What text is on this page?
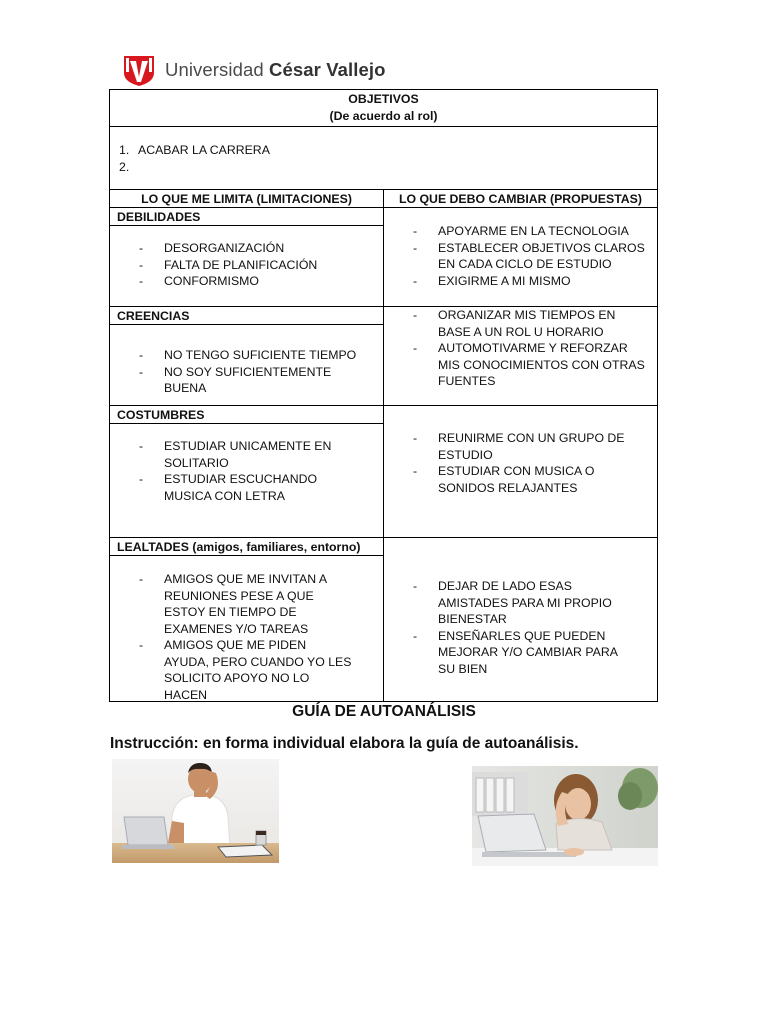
Universidad César Vallejo
OBJETIVOS
(De acuerdo al rol)
1. ACABAR LA CARRERA
2.
LO QUE ME LIMITA (LIMITACIONES)	LO QUE DEBO CAMBIAR (PROPUESTAS)
DEBILIDADES
- DESORGANIZACIÓN
- FALTA DE PLANIFICACIÓN
- CONFORMISMO
- APOYARME EN LA TECNOLOGIA
- ESTABLECER OBJETIVOS CLAROS EN CADA CICLO DE ESTUDIO
- EXIGIRME A MI MISMO
CREENCIAS
- NO TENGO SUFICIENTE TIEMPO
- NO SOY SUFICIENTEMENTE BUENA
- ORGANIZAR MIS TIEMPOS EN BASE A UN ROL U HORARIO
- AUTOMOTIVARME Y REFORZAR MIS CONOCIMIENTOS CON OTRAS FUENTES
COSTUMBRES
- ESTUDIAR UNICAMENTE EN SOLITARIO
- ESTUDIAR ESCUCHANDO MUSICA CON LETRA
- REUNIRME CON UN GRUPO DE ESTUDIO
- ESTUDIAR CON MUSICA O SONIDOS RELAJANTES
LEALTADES (amigos, familiares, entorno)
- AMIGOS QUE ME INVITAN A REUNIONES PESE A QUE ESTOY EN TIEMPO DE EXAMENES Y/O TAREAS
- AMIGOS QUE ME PIDEN AYUDA, PERO CUANDO YO LES SOLICITO APOYO NO LO HACEN
- DEJAR DE LADO ESAS AMISTADES PARA MI PROPIO BIENESTAR
- ENSEÑARLES QUE PUEDEN MEJORAR Y/O CAMBIAR PARA SU BIEN
GUÍA DE AUTOANÁLISIS
Instrucción: en forma individual elabora la guía de autoanálisis.
